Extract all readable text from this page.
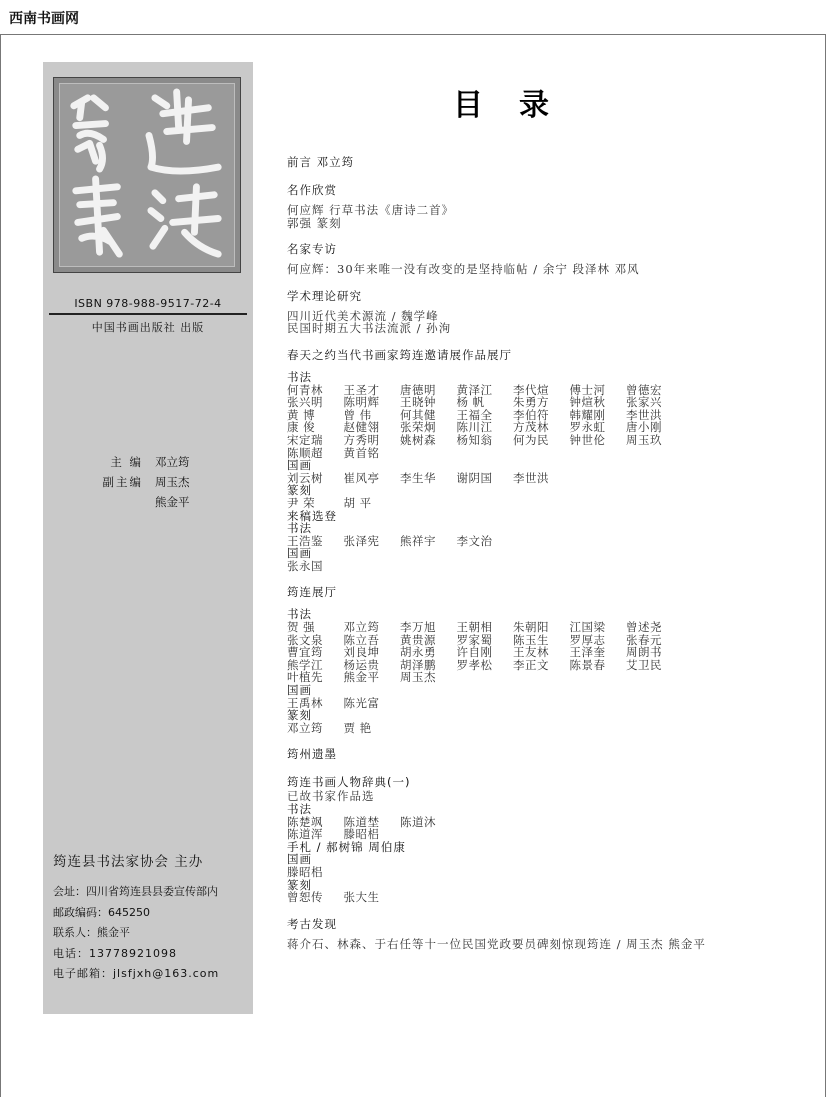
西南书画网
ISBN 978-988-9517-72-4
中国书画出版社 出版
主 编	邓立筠
副主编	周玉杰
熊金平
筠连县书法家协会 主办
会址：四川省筠连县县委宣传部内
邮政编码：645250
联系人：熊金平
电话：13778921098
电子邮箱：jlsfjxh@163.com
目录
前言 邓立筠
名作欣赏
何应辉 行草书法《唐诗二首》
郭强 篆刻
名家专访
何应辉：30年来唯一没有改变的是坚持临帖 / 余宁 段泽林 邓风
学术理论研究
四川近代美术源流 / 魏学峰
民国时期五大书法流派 / 孙洵
春天之约当代书画家筠连邀请展作品展厅
书法
何青林	王圣才	唐德明	黄泽江	李代煊	傅士河	曾德宏
张兴明	陈明辉	王晓钟	杨 帆	朱勇方	钟煊秋	张家兴
黄 博	曾 伟	何其健	王福全	李伯符	韩耀刚	李世洪
康 俊	赵健翎	张荣炯	陈川江	方茂林	罗永虹	唐小刚
宋定瑞	方秀明	姚树森	杨知翁	何为民	钟世伦	周玉玖
陈顺超	黄首铭
国画
刘云树	崔风亭	李生华	谢阴国	李世洪
篆刻
尹 荣	胡 平
来稿选登
书法
王浩鉴	张泽宪	熊祥宇	李文治
国画
张永国
筠连展厅
书法
贺 强	邓立筠	李万旭	王朝相	朱朝阳	江国梁	曾述尧
张文泉	陈立吾	黄贵源	罗家蜀	陈玉生	罗厚志	张春元
曹宜筠	刘良坤	胡永勇	许自刚	王友林	王泽奎	周朗书
熊学江	杨运贵	胡泽鹏	罗孝松	李正文	陈景春	艾卫民
叶植先	熊金平	周玉杰
国画
王禹林	陈光富
篆刻
邓立筠	贾 艳
筠州遗墨
筠连书画人物辞典(一)
已故书家作品选
书法
陈楚飒	陈道埜	陈道沐
陈道浑	滕昭梠
手札 / 郝树锦 周伯康
国画
滕昭梠
篆刻
曾恕传	张大生
考古发现
蒋介石、林森、于右任等十一位民国党政要员碑刻惊现筠连 / 周玉杰 熊金平
